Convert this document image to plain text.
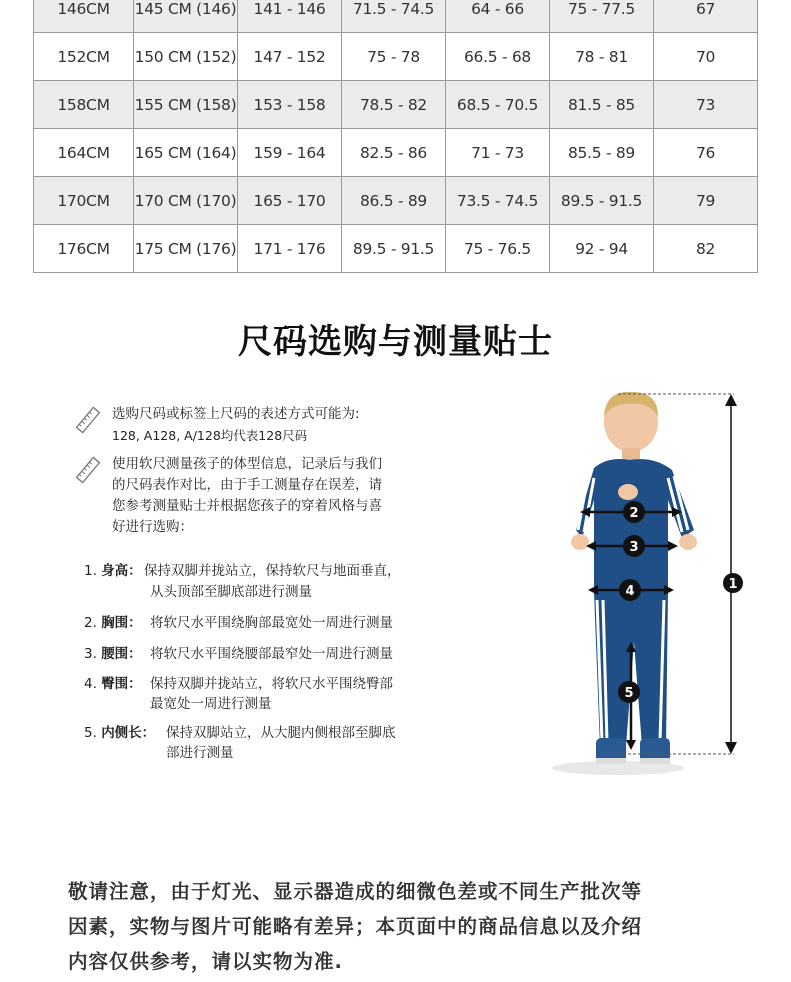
146CM	145 CM (146)	141 - 146	71.5 - 74.5	64 - 66	75 - 77.5	67
152CM	150 CM (152)	147 - 152	75 - 78	66.5 - 68	78 - 81	70
158CM	155 CM (158)	153 - 158	78.5 - 82	68.5 - 70.5	81.5 - 85	73
164CM	165 CM (164)	159 - 164	82.5 - 86	71 - 73	85.5 - 89	76
170CM	170 CM (170)	165 - 170	86.5 - 89	73.5 - 74.5	89.5 - 91.5	79
176CM	175 CM (176)	171 - 176	89.5 - 91.5	75 - 76.5	92 - 94	82
尺码选购与测量贴士
选购尺码或标签上尺码的表述方式可能为:
128, A128, A/128均代表128尺码
使用软尺测量孩子的体型信息，记录后与我们
的尺码表作对比，由于手工测量存在误差，请
您参考测量贴士并根据您孩子的穿着风格与喜
好进行选购：
1. 身高： 保持双脚并拢站立，保持软尺与地面垂直，
从头顶部至脚底部进行测量
2. 胸围： 将软尺水平围绕胸部最宽处一周进行测量
3. 腰围： 将软尺水平围绕腰部最窄处一周进行测量
4. 臀围： 保持双脚并拢站立，将软尺水平围绕臀部
最宽处一周进行测量
5. 内侧长： 保持双脚站立，从大腿内侧根部至脚底
部进行测量
1
2
3
4
5
敬请注意，由于灯光、显示器造成的细微色差或不同生产批次等
因素，实物与图片可能略有差异；本页面中的商品信息以及介绍
内容仅供参考，请以实物为准.
